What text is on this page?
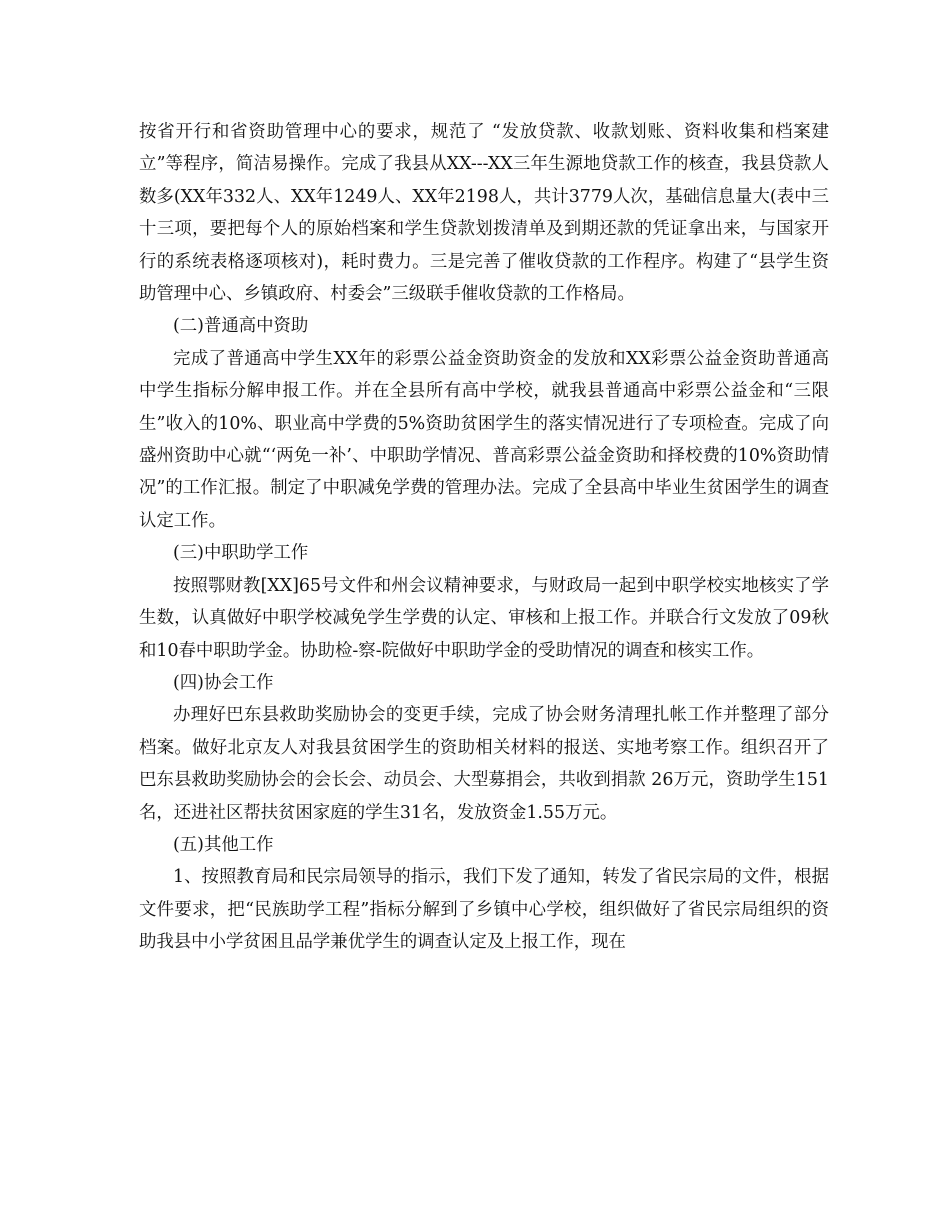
按省开行和省资助管理中心的要求，规范了 “发放贷款、收款划账、资料收集和档案建立”等程序，简洁易操作。完成了我县从XX---XX三年生源地贷款工作的核查，我县贷款人数多(XX年332人、XX年1249人、XX年2198人，共计3779人次，基础信息量大(表中三十三项，要把每个人的原始档案和学生贷款划拨清单及到期还款的凭证拿出来，与国家开行的系统表格逐项核对)，耗时费力。三是完善了催收贷款的工作程序。构建了“县学生资助管理中心、乡镇政府、村委会”三级联手催收贷款的工作格局。

(二)普通高中资助

完成了普通高中学生XX年的彩票公益金资助资金的发放和XX彩票公益金资助普通高中学生指标分解申报工作。并在全县所有高中学校，就我县普通高中彩票公益金和“三限生”收入的10%、职业高中学费的5%资助贫困学生的落实情况进行了专项检查。完成了向盛州资助中心就“‘两免一补’、中职助学情况、普高彩票公益金资助和择校费的10%资助情况”的工作汇报。制定了中职减免学费的管理办法。完成了全县高中毕业生贫困学生的调查认定工作。

(三)中职助学工作

按照鄂财教[XX]65号文件和州会议精神要求，与财政局一起到中职学校实地核实了学生数，认真做好中职学校减免学生学费的认定、审核和上报工作。并联合行文发放了09秋和10春中职助学金。协助检-察-院做好中职助学金的受助情况的调查和核实工作。

(四)协会工作

办理好巴东县救助奖励协会的变更手续，完成了协会财务清理扎帐工作并整理了部分档案。做好北京友人对我县贫困学生的资助相关材料的报送、实地考察工作。组织召开了巴东县救助奖励协会的会长会、动员会、大型募捐会，共收到捐款 26万元，资助学生151名，还进社区帮扶贫困家庭的学生31名，发放资金1.55万元。

(五)其他工作

1、按照教育局和民宗局领导的指示，我们下发了通知，转发了省民宗局的文件，根据文件要求，把“民族助学工程”指标分解到了乡镇中心学校，组织做好了省民宗局组织的资助我县中小学贫困且品学兼优学生的调查认定及上报工作，现在
